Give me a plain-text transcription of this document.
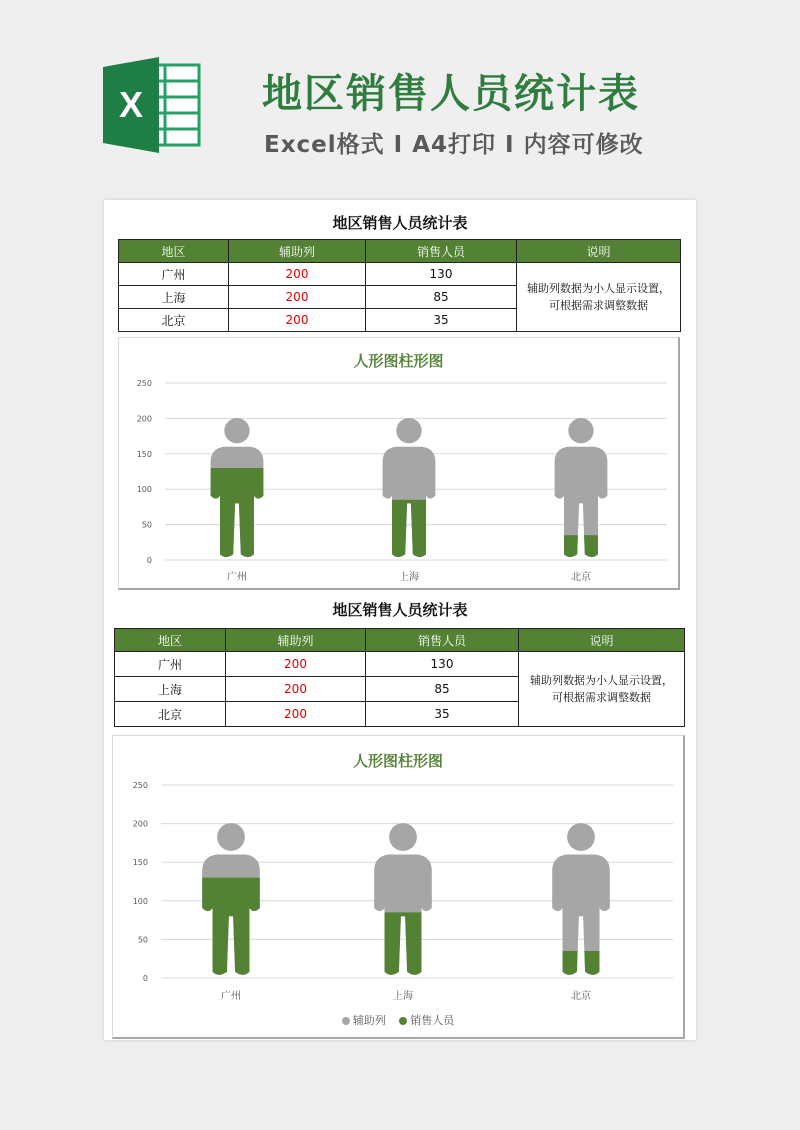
X	地区销售人员统计表
Excel格式 I A4打印 I 内容可修改
地区销售人员统计表
地区	辅助列	销售人员	说明
广州	200	130	辅助列数据为小人显示设置，
可根据需求调整数据
上海	200	85	
北京	200	35	
人形图柱形图
0
50
100
150
200
250
广州	上海	北京
地区销售人员统计表
地区	辅助列	销售人员	说明
广州	200	130	辅助列数据为小人显示设置，
可根据需求调整数据
上海	200	85	
北京	200	35	
人形图柱形图
0
50
100
150
200
250
广州	上海	北京
辅助列 销售人员
